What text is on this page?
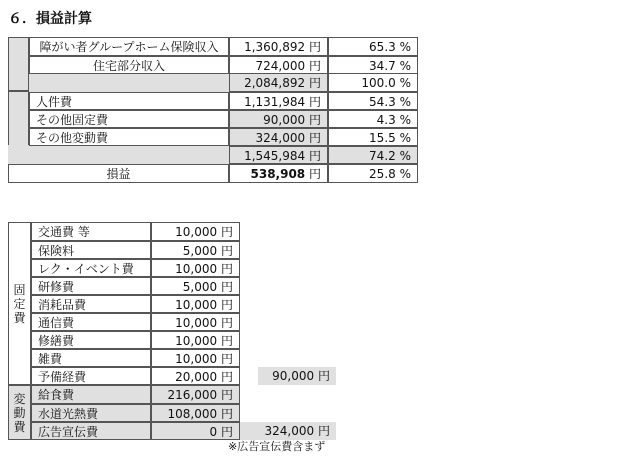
６．損益計算
障がい者グループホーム保険収入	1,360,892 円	65.3 %
住宅部分収入	724,000 円	34.7 %
2,084,892 円	100.0 %
人件費	1,131,984 円	54.3 %
その他固定費	90,000 円	4.3 %
その他変動費	324,000 円	15.5 %
1,545,984 円	74.2 %
損益	538,908 円	25.8 %
固
定
費
変
動
費
交通費 等	10,000 円
保険料	5,000 円
レク・イベント費	10,000 円
研修費	5,000 円
消耗品費	10,000 円
通信費	10,000 円
修繕費	10,000 円
雑費	10,000 円
予備経費	20,000 円	90,000 円
給食費	216,000 円
水道光熱費	108,000 円
広告宣伝費	0 円	324,000 円
※広告宣伝費含まず
